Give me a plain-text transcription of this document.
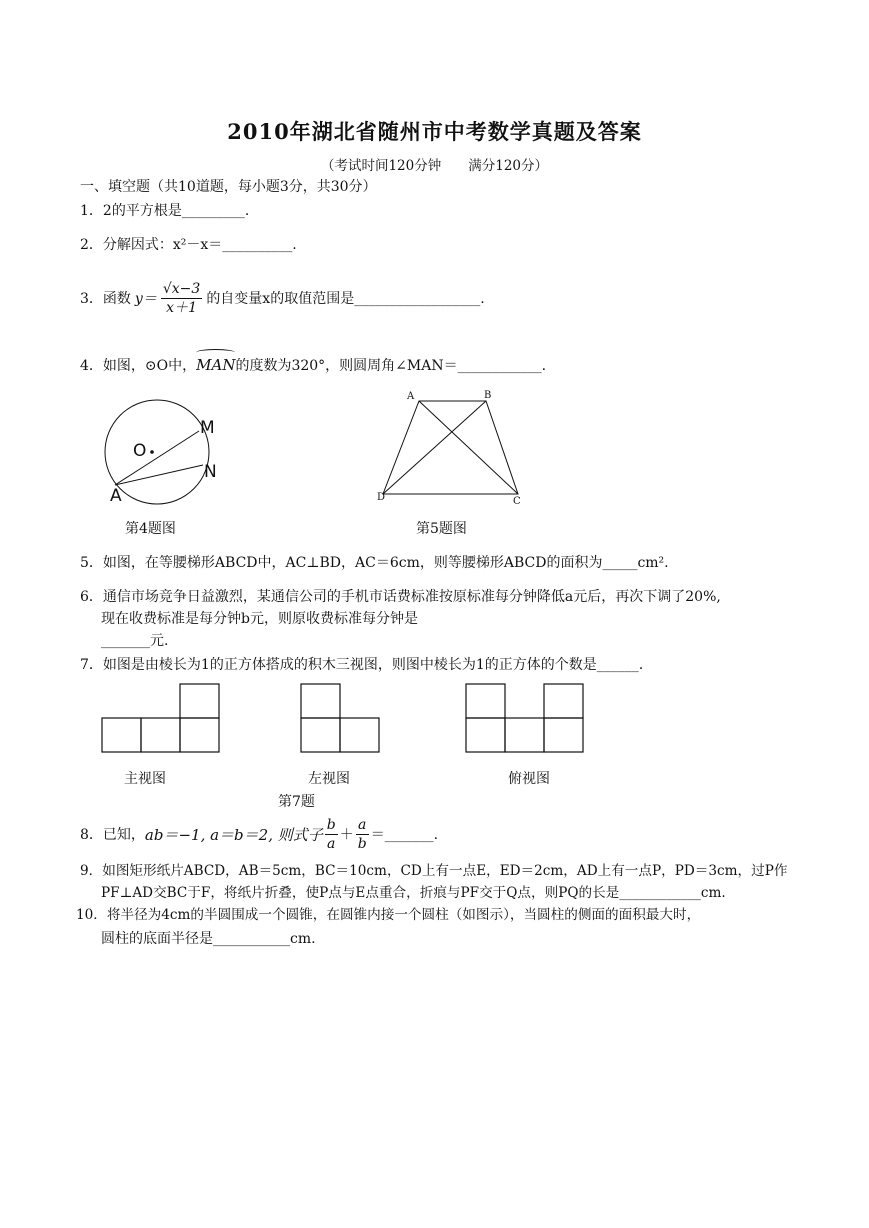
2010年湖北省随州市中考数学真题及答案
（考试时间120分钟　　满分120分）
一、填空题（共10道题，每小题3分，共30分）
1．2的平方根是_________.
2．分解因式：x²－x＝__________.
3．函数 $y= \frac{√x-3}{x+1}$ 的自变量x的取值范围是__________________.
4．如图，⊙O中，
MAN的度数为320°，则圆周角∠MAN＝____________.
O
M
N
A
第4题图
A	B
C
D
第5题图
5．如图，在等腰梯形ABCD中，AC⊥BD，AC＝6cm，则等腰梯形ABCD的面积为_____cm².
6．通信市场竞争日益激烈，某通信公司的手机市话费标准按原标准每分钟降低a元后，再次下调了20%,
现在收费标准是每分钟b元，则原收费标准每分钟是
_______元.
7．如图是由棱长为1的正方体搭成的积木三视图，则图中棱长为1的正方体的个数是______.
主视图	左视图	俯视图
第7题
8．已知， ab＝−1, a＝b＝2, 则式子 $\frac{b}{a} + \frac{a}{b}$ ＝_______.
9．如图矩形纸片ABCD，AB＝5cm，BC＝10cm，CD上有一点E，ED＝2cm，AD上有一点P，PD＝3cm，过P作
PF⊥AD交BC于F，将纸片折叠，使P点与E点重合，折痕与PF交于Q点，则PQ的长是____________cm.
10．将半径为4cm的半圆围成一个圆锥，在圆锥内接一个圆柱（如图示），当圆柱的侧面的面积最大时，
圆柱的底面半径是___________cm.
